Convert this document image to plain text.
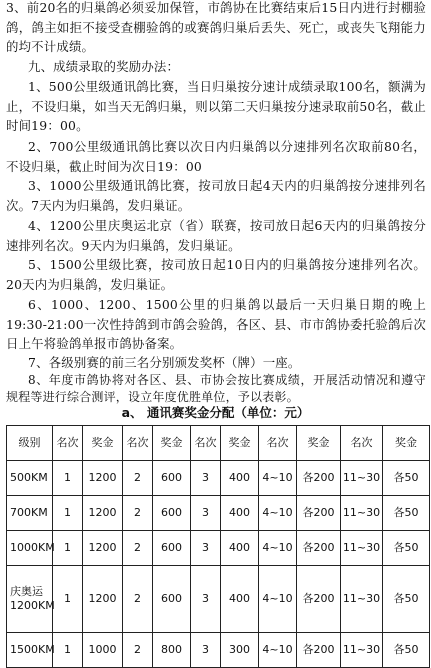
3、前20名的归巢鸽必须妥加保管，市鸽协在比赛结束后15日内进行封棚验鸽，鸽主如拒不接受查棚验鸽的或赛鸽归巢后丢失、死亡，或丧失飞翔能力的均不计成绩。

九、成绩录取的奖励办法：

1、500公里级通讯鸽比赛，当日归巢按分速计成绩录取100名，额满为止，不设归巢，如当天无鸽归巢，则以第二天归巢按分速录取前50名，截止时间19：00。

2、700公里级通讯鸽比赛以次日内归巢鸽以分速排列名次取前80名，不设归巢，截止时间为次日19：00

3、1000公里级通讯鸽比赛，按司放日起4天内的归巢鸽按分速排列名次。7天内为归巢鸽，发归巢证。

4、1200公里庆奥运北京（省）联赛，按司放日起6天内的归巢鸽按分速排列名次。9天内为归巢鸽，发归巢证。

5、1500公里级比赛，按司放日起10日内的归巢鸽按分速排列名次。20天内为归巢鸽，发归巢证。

6、1000、1200、1500公里的归巢鸽以最后一天归巢日期的晚上19:30-21:00一次性持鸽到市鸽会验鸽，各区、县、市市鸽协委托验鸽后次日上午将验鸽单报市鸽协备案。

7、各级别赛的前三名分别颁发奖杯（牌）一座。

8、年度市鸽协将对各区、县、市协会按比赛成绩，开展活动情况和遵守规程等进行综合测评，设立年度优胜单位，予以表彰。

a、 通讯赛奖金分配（单位：元）
级别	名次	奖金	名次	奖金	名次	奖金	名次	奖金	名次	奖金
500KM	1	1200	2	600	3	400	4~10	各200	11~30	各50
700KM	1	1200	2	600	3	400	4~10	各200	11~30	各50
1000KM	1	1200	2	600	3	400	4~10	各200	11~30	各50
庆奥运 1200KM	1	1200	2	600	3	400	4~10	各200	11~30	各50
1500KM	1	1000	2	800	3	300	4~10	各200	11~30	各50
